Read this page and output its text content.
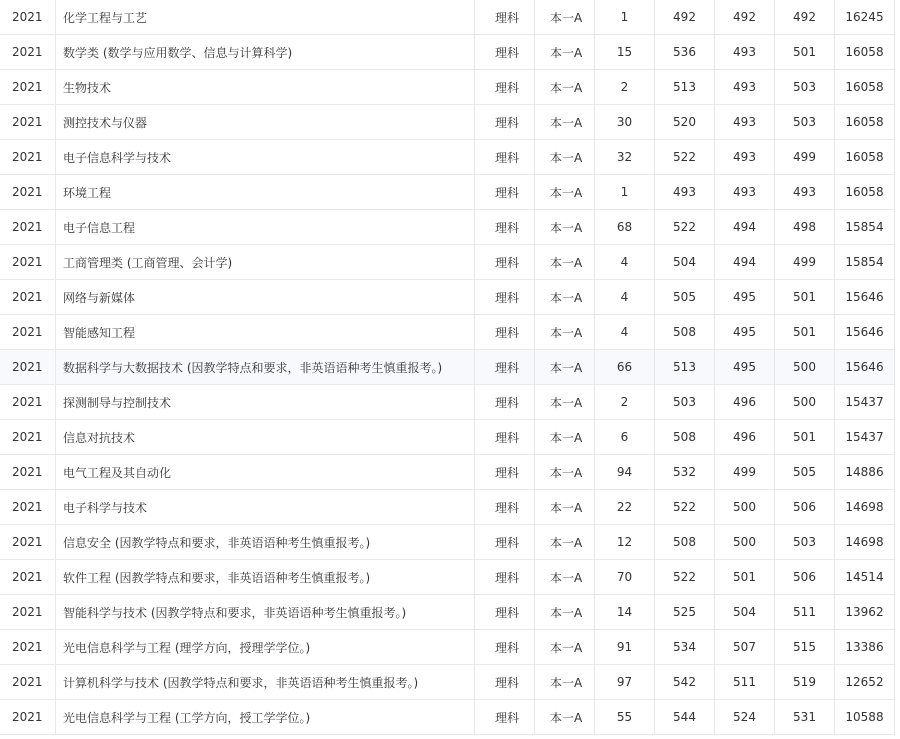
2021	化学工程与工艺	理科	本一A	1	492	492	492	16245
2021	数学类 (数学与应用数学、信息与计算科学)	理科	本一A	15	536	493	501	16058
2021	生物技术	理科	本一A	2	513	493	503	16058
2021	测控技术与仪器	理科	本一A	30	520	493	503	16058
2021	电子信息科学与技术	理科	本一A	32	522	493	499	16058
2021	环境工程	理科	本一A	1	493	493	493	16058
2021	电子信息工程	理科	本一A	68	522	494	498	15854
2021	工商管理类 (工商管理、会计学)	理科	本一A	4	504	494	499	15854
2021	网络与新媒体	理科	本一A	4	505	495	501	15646
2021	智能感知工程	理科	本一A	4	508	495	501	15646
2021	数据科学与大数据技术 (因教学特点和要求，非英语语种考生慎重报考。)	理科	本一A	66	513	495	500	15646
2021	探测制导与控制技术	理科	本一A	2	503	496	500	15437
2021	信息对抗技术	理科	本一A	6	508	496	501	15437
2021	电气工程及其自动化	理科	本一A	94	532	499	505	14886
2021	电子科学与技术	理科	本一A	22	522	500	506	14698
2021	信息安全 (因教学特点和要求，非英语语种考生慎重报考。)	理科	本一A	12	508	500	503	14698
2021	软件工程 (因教学特点和要求，非英语语种考生慎重报考。)	理科	本一A	70	522	501	506	14514
2021	智能科学与技术 (因教学特点和要求，非英语语种考生慎重报考。)	理科	本一A	14	525	504	511	13962
2021	光电信息科学与工程 (理学方向，授理学学位。)	理科	本一A	91	534	507	515	13386
2021	计算机科学与技术 (因教学特点和要求，非英语语种考生慎重报考。)	理科	本一A	97	542	511	519	12652
2021	光电信息科学与工程 (工学方向，授工学学位。)	理科	本一A	55	544	524	531	10588
